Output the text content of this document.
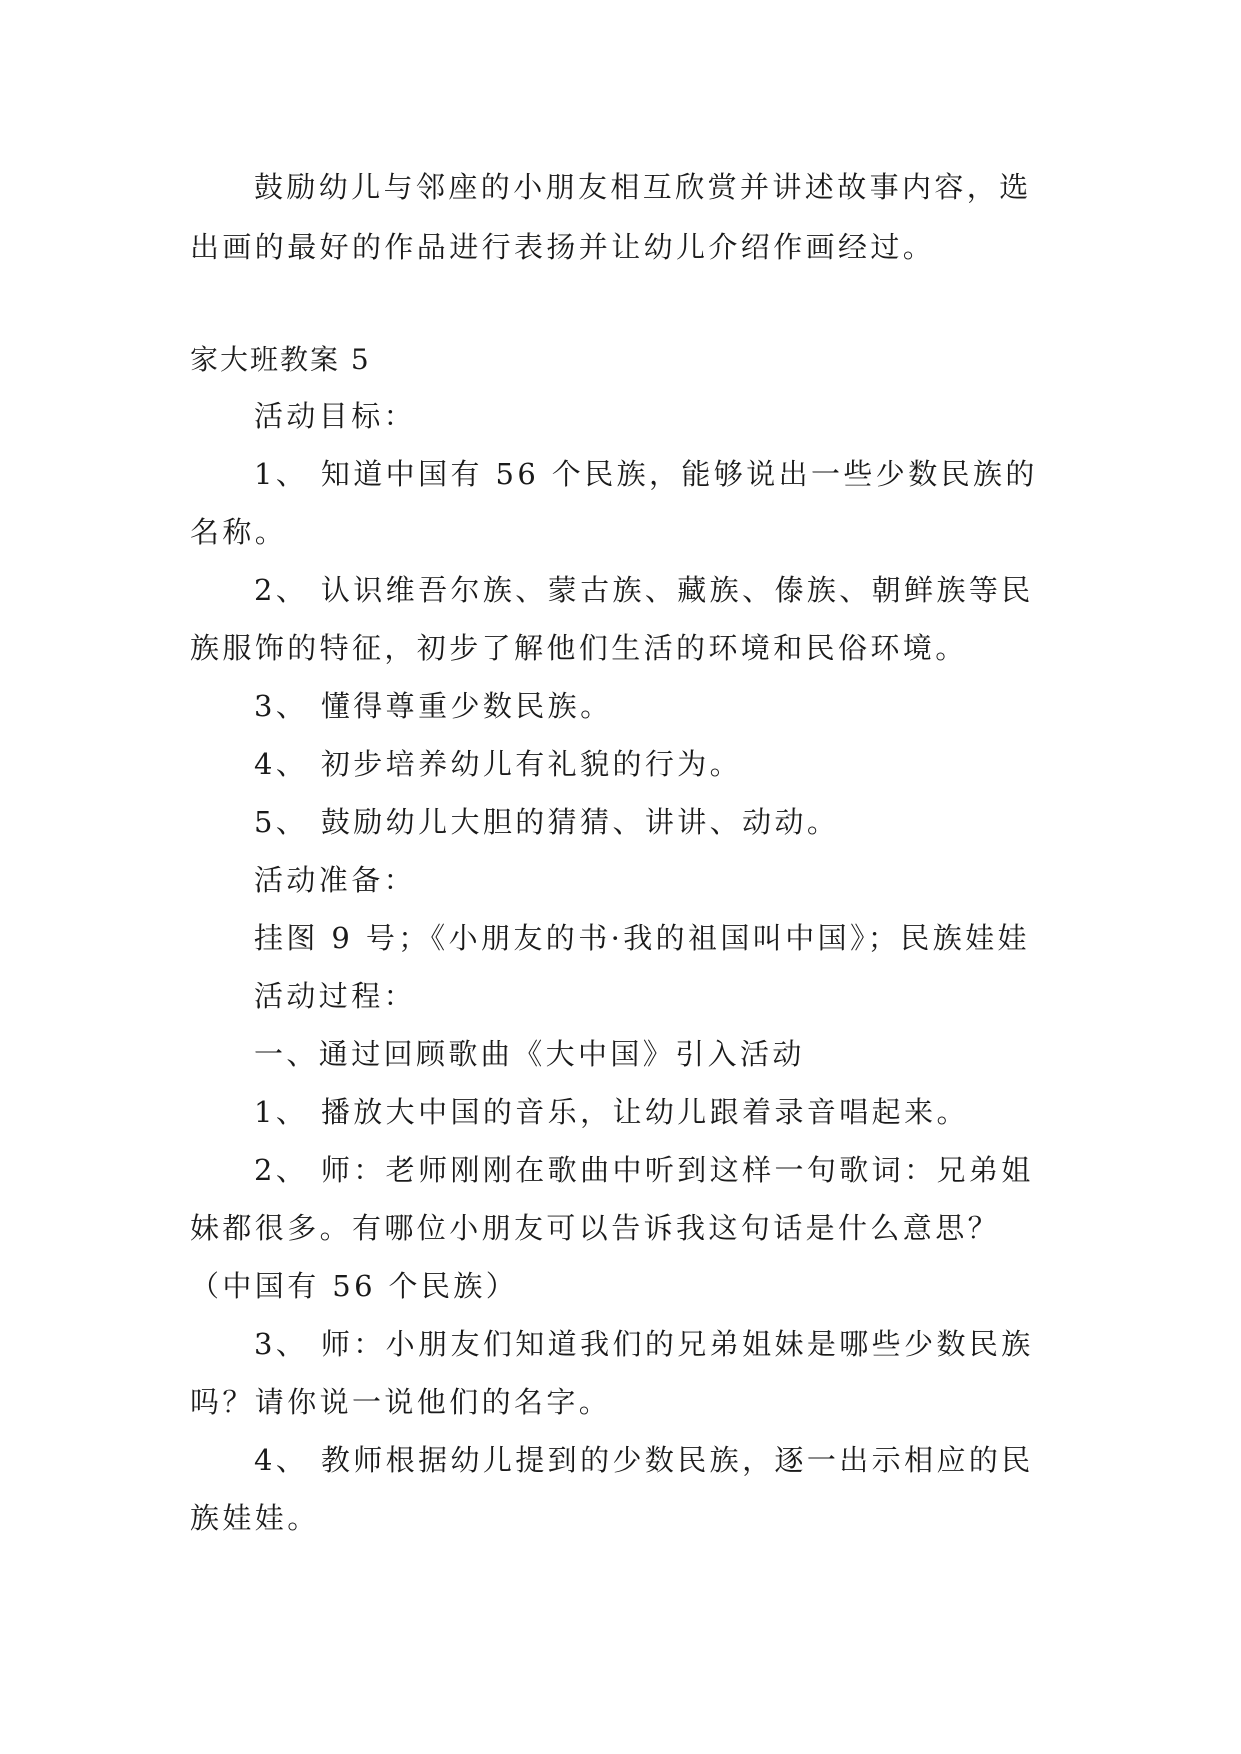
鼓励幼儿与邻座的小朋友相互欣赏并讲述故事内容，选
出画的最好的作品进行表扬并让幼儿介绍作画经过。
家大班教案 5
活动目标：
1、 知道中国有 56 个民族，能够说出一些少数民族的
名称。
2、 认识维吾尔族、蒙古族、藏族、傣族、朝鲜族等民
族服饰的特征，初步了解他们生活的环境和民俗环境。
3、 懂得尊重少数民族。
4、 初步培养幼儿有礼貌的行为。
5、 鼓励幼儿大胆的猜猜、讲讲、动动。
活动准备：
挂图 9 号；《小朋友的书·我的祖国叫中国》；民族娃娃
活动过程：
一、通过回顾歌曲《大中国》引入活动
1、 播放大中国的音乐，让幼儿跟着录音唱起来。
2、 师：老师刚刚在歌曲中听到这样一句歌词：兄弟姐
妹都很多。有哪位小朋友可以告诉我这句话是什么意思？
（中国有 56 个民族）
3、 师：小朋友们知道我们的兄弟姐妹是哪些少数民族
吗？请你说一说他们的名字。
4、 教师根据幼儿提到的少数民族，逐一出示相应的民
族娃娃。
